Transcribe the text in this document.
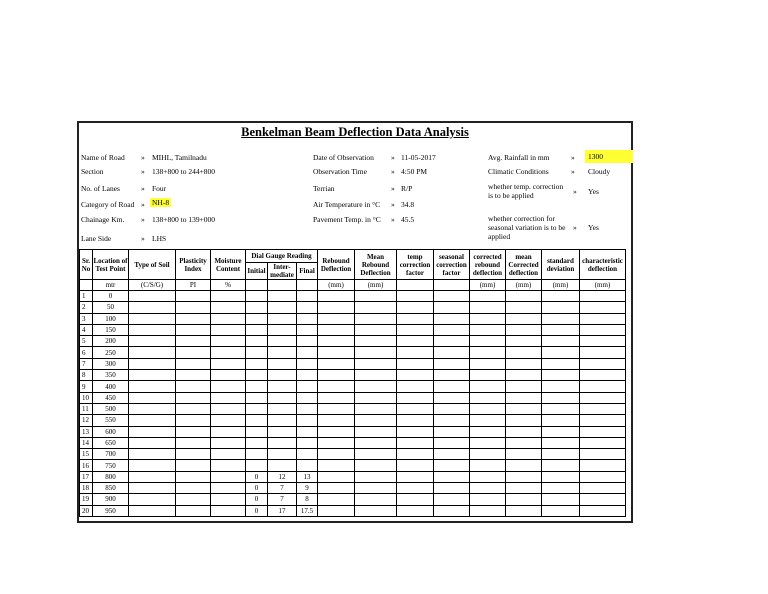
Benkelman Beam Deflection Data Analysis
Name of Road » MIHL, Tamilnadu
Section	» 138+800 to 244+800
No. of Lanes	» Four
Category of Road » NH-8
Chainage Km. » 138+800 to 139+000
Lane Side	» LHS
Date of Observation » 11-05-2017
Observation Time	» 4:50 PM
Terrian	» R/P
Air Temperature in °C » 34.8
Pavement Temp. in °C » 45.5
Avg. Rainfall in mm	»	1300
Climatic Conditions	» Cloudy
whether temp. correction is to be applied	» Yes
whether correction for seasonal variation is to be applied
» Yes
Sr. No	Location of Test Point	Type of Soil	Plasticity Index	Moisture Content	Dial Gauge Reading			Rebound Deflection	Mean Rebound Deflection	temp correction factor	seasonal correction factor	corrected rebound deflection	mean Corrected deflection	standard deviation	characteristic deflection
					Initial	Inter-mediate	Final								
	mtr	(C/S/G)	PI	%				(mm)	(mm)			(mm)	(mm)	(mm)	(mm)
1	0														
2	50														
3	100														
4	150														
5	200														
6	250														
7	300														
8	350														
9	400														
10	450														
11	500														
12	550														
13	600														
14	650														
15	700														
16	750														
17	800				0	12	13								
18	850				0	7	9								
19	900				0	7	8								
20	950				0	17	17.5								
